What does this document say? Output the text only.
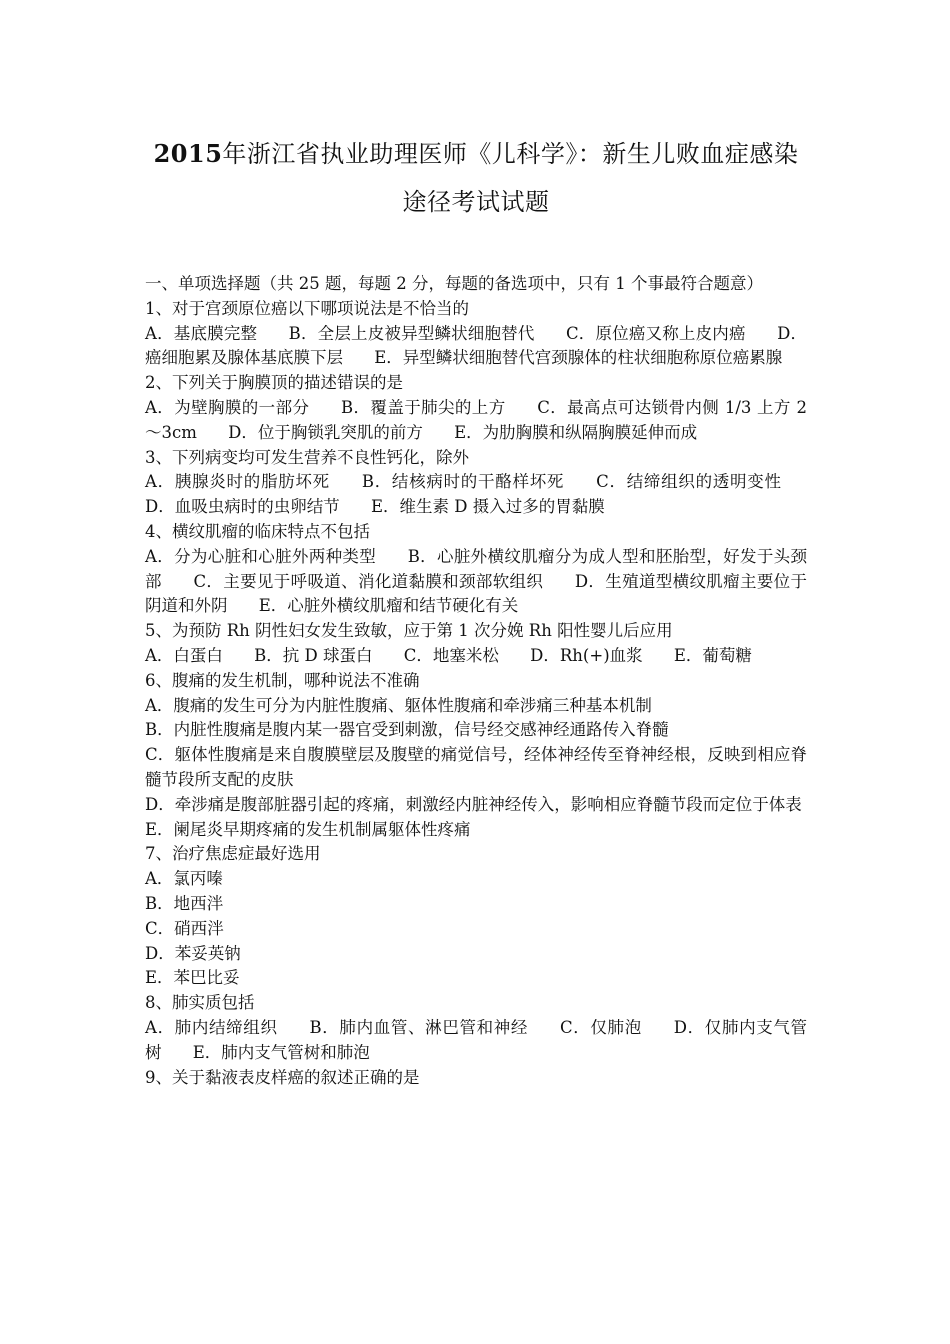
2015年浙江省执业助理医师《儿科学》：新生儿败血症感染
途径考试试题
一、单项选择题（共 25 题，每题 2 分，每题的备选项中，只有 1 个事最符合题意）

1、对于宫颈原位癌以下哪项说法是不恰当的

A．基底膜完整 B．全层上皮被异型鳞状细胞替代 C．原位癌又称上皮内癌 D．癌细胞累及腺体基底膜下层 E．异型鳞状细胞替代宫颈腺体的柱状细胞称原位癌累腺

2、下列关于胸膜顶的描述错误的是

A．为壁胸膜的一部分 B．覆盖于肺尖的上方 C．最高点可达锁骨内侧 1/3 上方 2～3cm D．位于胸锁乳突肌的前方 E．为肋胸膜和纵隔胸膜延伸而成

3、下列病变均可发生营养不良性钙化，除外

A．胰腺炎时的脂肪坏死 B．结核病时的干酪样坏死 C．结缔组织的透明变性 D．血吸虫病时的虫卵结节 E．维生素 D 摄入过多的胃黏膜

4、横纹肌瘤的临床特点不包括

A．分为心脏和心脏外两种类型 B．心脏外横纹肌瘤分为成人型和胚胎型，好发于头颈部 C．主要见于呼吸道、消化道黏膜和颈部软组织 D．生殖道型横纹肌瘤主要位于阴道和外阴 E．心脏外横纹肌瘤和结节硬化有关

5、为预防 Rh 阴性妇女发生致敏，应于第 1 次分娩 Rh 阳性婴儿后应用

A．白蛋白 B．抗 D 球蛋白 C．地塞米松 D．Rh(+)血浆 E．葡萄糖

6、腹痛的发生机制，哪种说法不准确

A．腹痛的发生可分为内脏性腹痛、躯体性腹痛和牵涉痛三种基本机制

B．内脏性腹痛是腹内某一器官受到刺激，信号经交感神经通路传入脊髓

C．躯体性腹痛是来自腹膜壁层及腹壁的痛觉信号，经体神经传至脊神经根，反映到相应脊髓节段所支配的皮肤

D．牵涉痛是腹部脏器引起的疼痛，刺激经内脏神经传入，影响相应脊髓节段而定位于体表

E．阑尾炎早期疼痛的发生机制属躯体性疼痛

7、治疗焦虑症最好选用

A．氯丙嗪

B．地西泮

C．硝西泮

D．苯妥英钠

E．苯巴比妥

8、肺实质包括

A．肺内结缔组织 B．肺内血管、淋巴管和神经 C．仅肺泡 D．仅肺内支气管树 E．肺内支气管树和肺泡

9、关于黏液表皮样癌的叙述正确的是
